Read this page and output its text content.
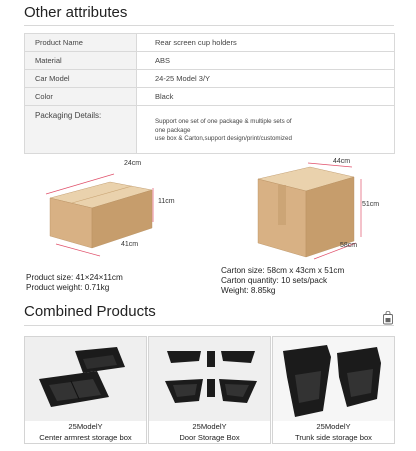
Other attributes
Product Name	Rear screen cup holders
Material	ABS
Car Model	24-25 Model 3/Y
Color	Black
Packaging Details:	Support one set of one package & multiple sets of
one package
use box & Carton,support design/print/customized
24cm
11cm
41cm
Product size: 41×24×11cm
Product weight: 0.71kg
44cm
51cm
58cm
Carton size: 58cm x 43cm x 51cm
Carton quantity: 10 sets/pack
Weight: 8.85kg
Combined Products
25ModelY
Center armrest storage box
25ModelY
Door Storage Box
25ModelY
Trunk side storage box
